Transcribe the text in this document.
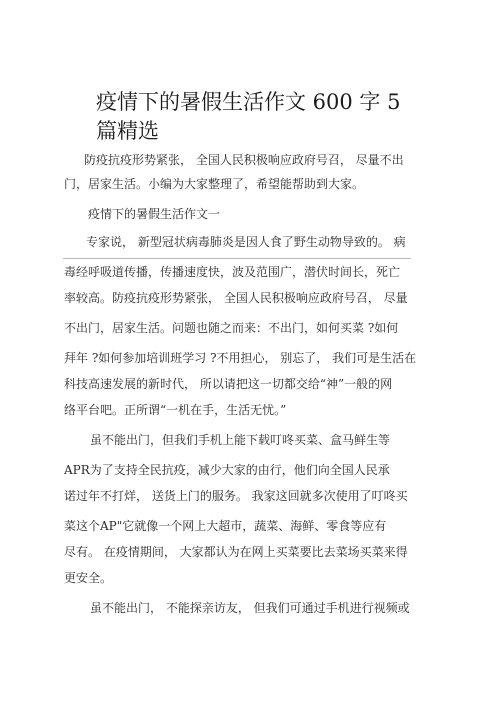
疫情下的暑假生活作文 600 字 5 篇精选
防疫抗疫形势紧张， 全国人民积极响应政府号召， 尽量不出
门，居家生活。小编为大家整理了，希望能帮助到大家。
疫情下的暑假生活作文一
专家说， 新型冠状病毒肺炎是因人食了野生动物导致的。 病
毒经呼吸道传播，传播速度快，波及范围广，潜伏时间长，死亡
率较高。防疫抗疫形势紧张， 全国人民积极响应政府号召， 尽量
不出门，居家生活。问题也随之而来：不出门，如何买菜 ?如何
拜年 ?如何参加培训班学习 ?不用担心， 别忘了， 我们可是生活在
科技高速发展的新时代， 所以请把这一切都交给“神”一般的网
络平台吧。正所谓“一机在手，生活无忧。”
虽不能出门，但我们手机上能下载叮咚买菜、盒马鲜生等
APR为了支持全民抗疫，减少大家的由行，他们向全国人民承
诺过年不打烊， 送货上门的服务。 我家这回就多次使用了叮咚买
菜这个AP"它就像一个网上大超市，蔬菜、海鲜、零食等应有
尽有。 在疫情期间， 大家都认为在网上买菜要比去菜场买菜来得
更安全。
虽不能出门， 不能探亲访友， 但我们可通过手机进行视频或
